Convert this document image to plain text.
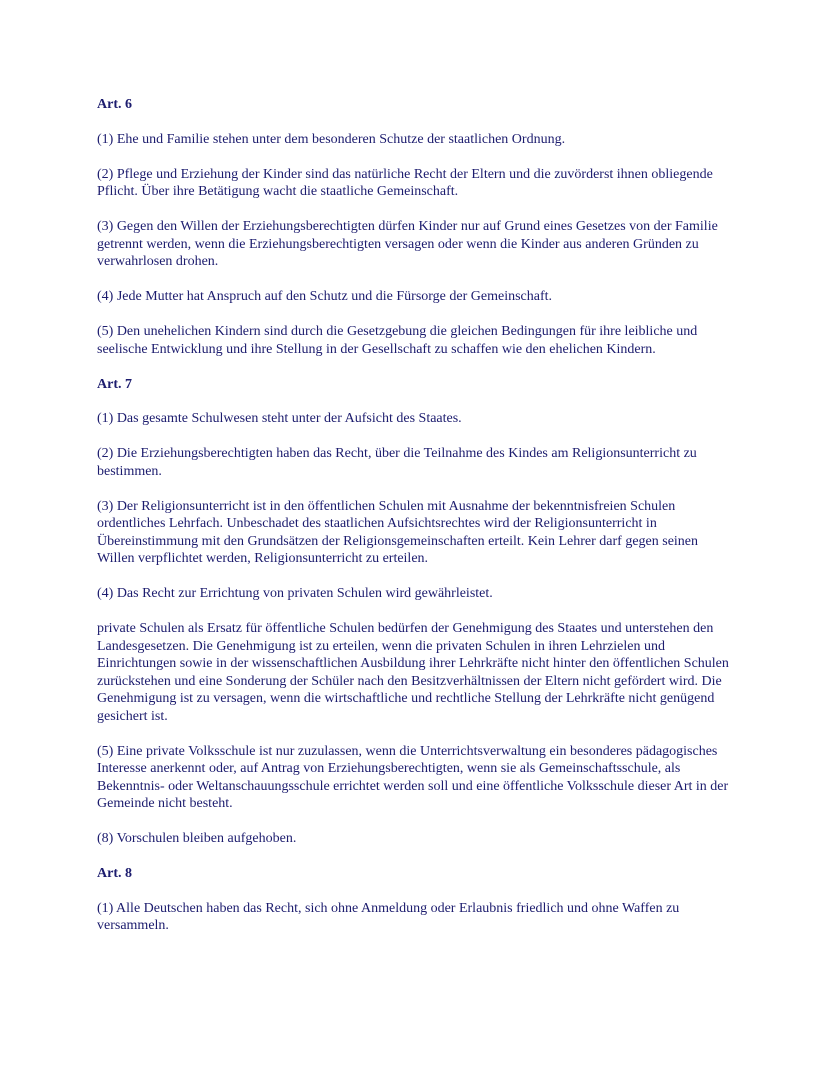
Art. 6
(1) Ehe und Familie stehen unter dem besonderen Schutze der staatlichen Ordnung.
(2) Pflege und Erziehung der Kinder sind das natürliche Recht der Eltern und die zuvörderst ihnen obliegende Pflicht. Über ihre Betätigung wacht die staatliche Gemeinschaft.
(3) Gegen den Willen der Erziehungsberechtigten dürfen Kinder nur auf Grund eines Gesetzes von der Familie getrennt werden, wenn die Erziehungsberechtigten versagen oder wenn die Kinder aus anderen Gründen zu verwahrlosen drohen.
(4) Jede Mutter hat Anspruch auf den Schutz und die Fürsorge der Gemeinschaft.
(5) Den unehelichen Kindern sind durch die Gesetzgebung die gleichen Bedingungen für ihre leibliche und seelische Entwicklung und ihre Stellung in der Gesellschaft zu schaffen wie den ehelichen Kindern.
Art. 7
(1) Das gesamte Schulwesen steht unter der Aufsicht des Staates.
(2) Die Erziehungsberechtigten haben das Recht, über die Teilnahme des Kindes am Religionsunterricht zu bestimmen.
(3) Der Religionsunterricht ist in den öffentlichen Schulen mit Ausnahme der bekenntnisfreien Schulen ordentliches Lehrfach. Unbeschadet des staatlichen Aufsichtsrechtes wird der Religionsunterricht in Übereinstimmung mit den Grundsätzen der Religionsgemeinschaften erteilt. Kein Lehrer darf gegen seinen Willen verpflichtet werden, Religionsunterricht zu erteilen.
(4) Das Recht zur Errichtung von privaten Schulen wird gewährleistet.
private Schulen als Ersatz für öffentliche Schulen bedürfen der Genehmigung des Staates und unterstehen den Landesgesetzen. Die Genehmigung ist zu erteilen, wenn die privaten Schulen in ihren Lehrzielen und Einrichtungen sowie in der wissenschaftlichen Ausbildung ihrer Lehrkräfte nicht hinter den öffentlichen Schulen zurückstehen und eine Sonderung der Schüler nach den Besitzverhältnissen der Eltern nicht gefördert wird. Die Genehmigung ist zu versagen, wenn die wirtschaftliche und rechtliche Stellung der Lehrkräfte nicht genügend gesichert ist.
(5) Eine private Volksschule ist nur zuzulassen, wenn die Unterrichtsverwaltung ein besonderes pädagogisches Interesse anerkennt oder, auf Antrag von Erziehungsberechtigten, wenn sie als Gemeinschaftsschule, als Bekenntnis- oder Weltanschauungsschule errichtet werden soll und eine öffentliche Volksschule dieser Art in der Gemeinde nicht besteht.
(8) Vorschulen bleiben aufgehoben.
Art. 8
(1) Alle Deutschen haben das Recht, sich ohne Anmeldung oder Erlaubnis friedlich und ohne Waffen zu versammeln.
